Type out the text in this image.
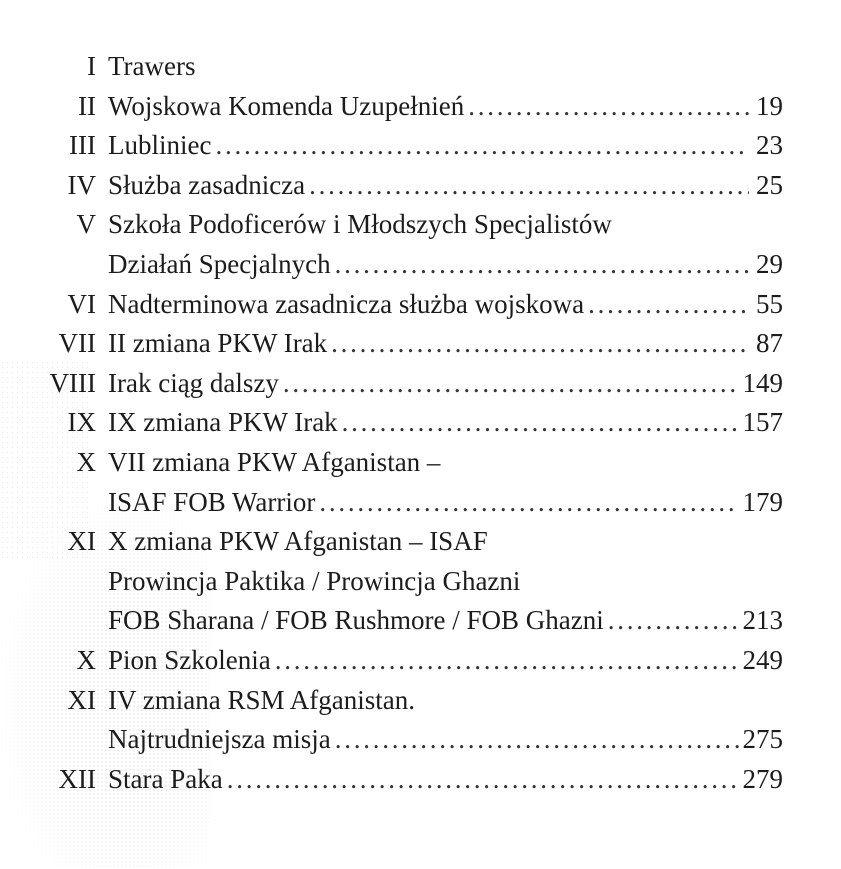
I Trawers
II Wojskowa Komenda Uzupełnień . . .	19
III Lubliniec . . .	23
IV Służba zasadnicza . . .	25
V Szkoła Podoficerów i Młodszych Specjalistów
Działań Specjalnych . . .	29
VI Nadterminowa zasadnicza służba wojskowa . . .	55
VII II zmiana PKW Irak . . .	87
VIII Irak ciąg dalszy . . .	149
IX IX zmiana PKW Irak . . .	157
X VII zmiana PKW Afganistan –
ISAF FOB Warrior . . .	179
XI X zmiana PKW Afganistan – ISAF
Prowincja Paktika / Prowincja Ghazni
FOB Sharana / FOB Rushmore / FOB Ghazni . . .	213
X Pion Szkolenia . . .	249
XI IV zmiana RSM Afganistan.
Najtrudniejsza misja . . .	275
XII Stara Paka . . .	279
